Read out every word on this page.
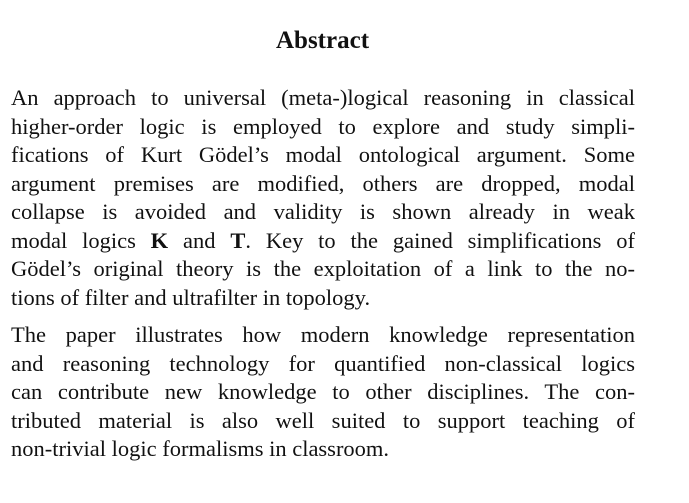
Abstract
An approach to universal (meta-)logical reasoning in classical
higher-order logic is employed to explore and study simpli-
fications of Kurt Gödel’s modal ontological argument. Some
argument premises are modified, others are dropped, modal
collapse is avoided and validity is shown already in weak
modal logics K and T. Key to the gained simplifications of
Gödel’s original theory is the exploitation of a link to the no-
tions of filter and ultrafilter in topology.
The paper illustrates how modern knowledge representation
and reasoning technology for quantified non-classical logics
can contribute new knowledge to other disciplines. The con-
tributed material is also well suited to support teaching of
non-trivial logic formalisms in classroom.
